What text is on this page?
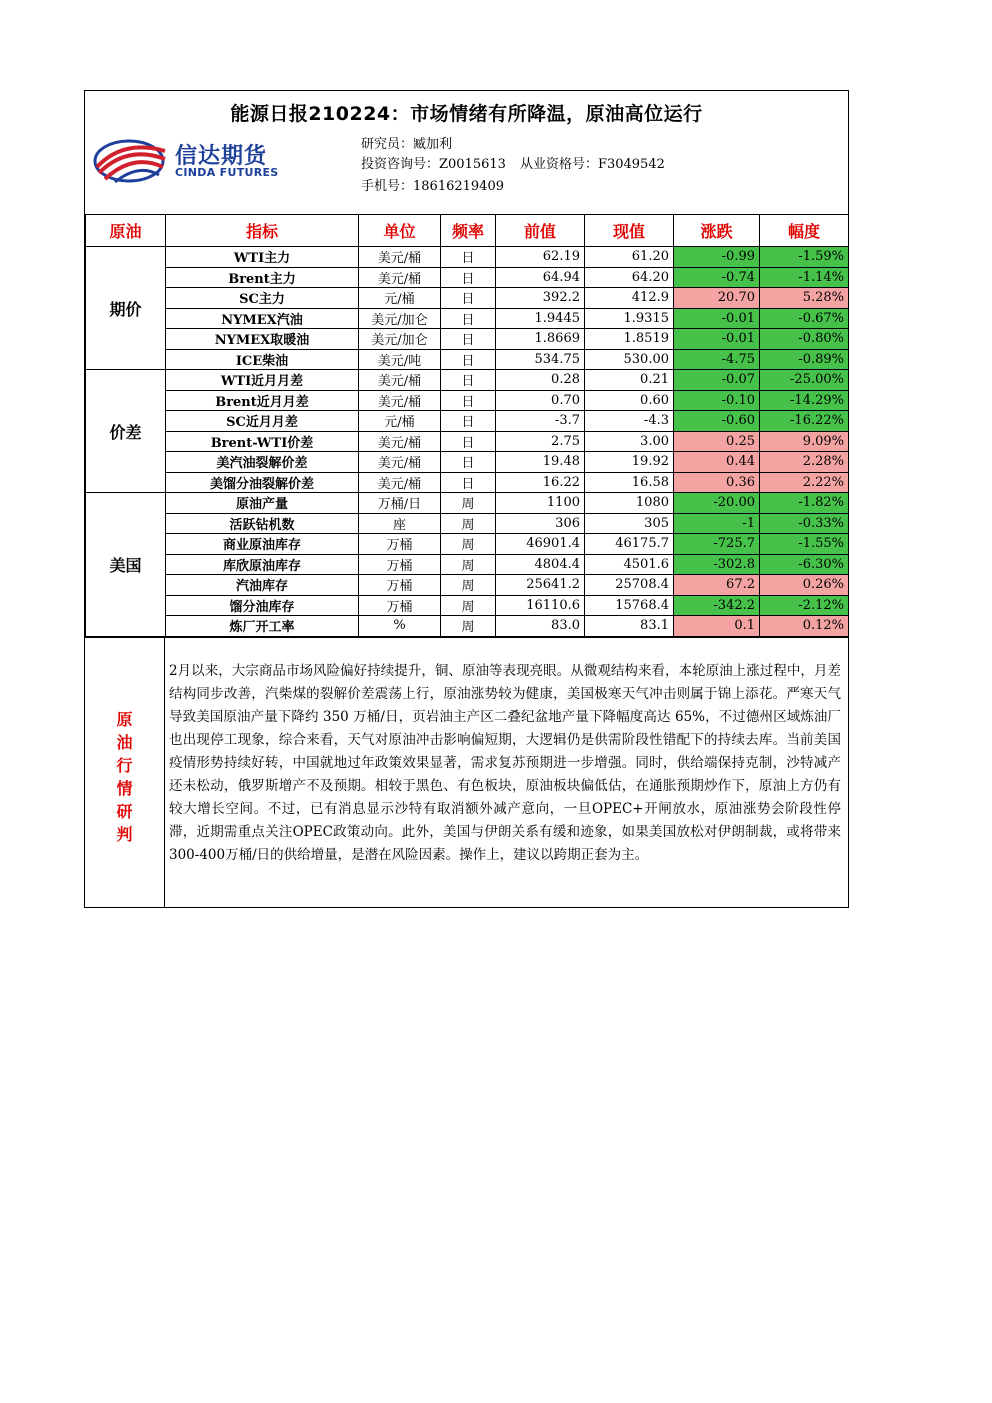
能源日报210224：市场情绪有所降温，原油高位运行
信达期货
CINDA FUTURES
研究员：臧加利
投资咨询号：Z0015613 从业资格号：F3049542
手机号：18616219409
原油	指标	单位	频率	前值	现值	涨跌	幅度
期价	WTI主力	美元/桶	日	62.19	61.20	-0.99	-1.59%
	Brent主力	美元/桶	日	64.94	64.20	-0.74	-1.14%
	SC主力	元/桶	日	392.2	412.9	20.70	5.28%
	NYMEX汽油	美元/加仑	日	1.9445	1.9315	-0.01	-0.67%
	NYMEX取暖油	美元/加仑	日	1.8669	1.8519	-0.01	-0.80%
	ICE柴油	美元/吨	日	534.75	530.00	-4.75	-0.89%
价差	WTI近月月差	美元/桶	日	0.28	0.21	-0.07	-25.00%
	Brent近月月差	美元/桶	日	0.70	0.60	-0.10	-14.29%
	SC近月月差	元/桶	日	-3.7	-4.3	-0.60	-16.22%
	Brent-WTI价差	美元/桶	日	2.75	3.00	0.25	9.09%
	美汽油裂解价差	美元/桶	日	19.48	19.92	0.44	2.28%
	美馏分油裂解价差	美元/桶	日	16.22	16.58	0.36	2.22%
美国	原油产量	万桶/日	周	1100	1080	-20.00	-1.82%
	活跃钻机数	座	周	306	305	-1	-0.33%
	商业原油库存	万桶	周	46901.4	46175.7	-725.7	-1.55%
	库欣原油库存	万桶	周	4804.4	4501.6	-302.8	-6.30%
	汽油库存	万桶	周	25641.2	25708.4	67.2	0.26%
	馏分油库存	万桶	周	16110.6	15768.4	-342.2	-2.12%
	炼厂开工率	%	周	83.0	83.1	0.1	0.12%
原
油
行
情
研
判

2月以来，大宗商品市场风险偏好持续提升，铜、原油等表现亮眼。从微观结构来看，本轮原油上涨过程中，月差结构同步改善，汽柴煤的裂解价差震荡上行，原油涨势较为健康，美国极寒天气冲击则属于锦上添花。严寒天气导致美国原油产量下降约 350 万桶/日，页岩油主产区二叠纪盆地产量下降幅度高达 65%，不过德州区域炼油厂也出现停工现象，综合来看，天气对原油冲击影响偏短期，大逻辑仍是供需阶段性错配下的持续去库。当前美国疫情形势持续好转，中国就地过年政策效果显著，需求复苏预期进一步增强。同时，供给端保持克制，沙特减产还未松动，俄罗斯增产不及预期。相较于黑色、有色板块，原油板块偏低估，在通胀预期炒作下，原油上方仍有较大增长空间。不过，已有消息显示沙特有取消额外减产意向，一旦OPEC+开闸放水，原油涨势会阶段性停滞，近期需重点关注OPEC政策动向。此外，美国与伊朗关系有缓和迹象，如果美国放松对伊朗制裁，或将带来300-400万桶/日的供给增量，是潜在风险因素。操作上，建议以跨期正套为主。
